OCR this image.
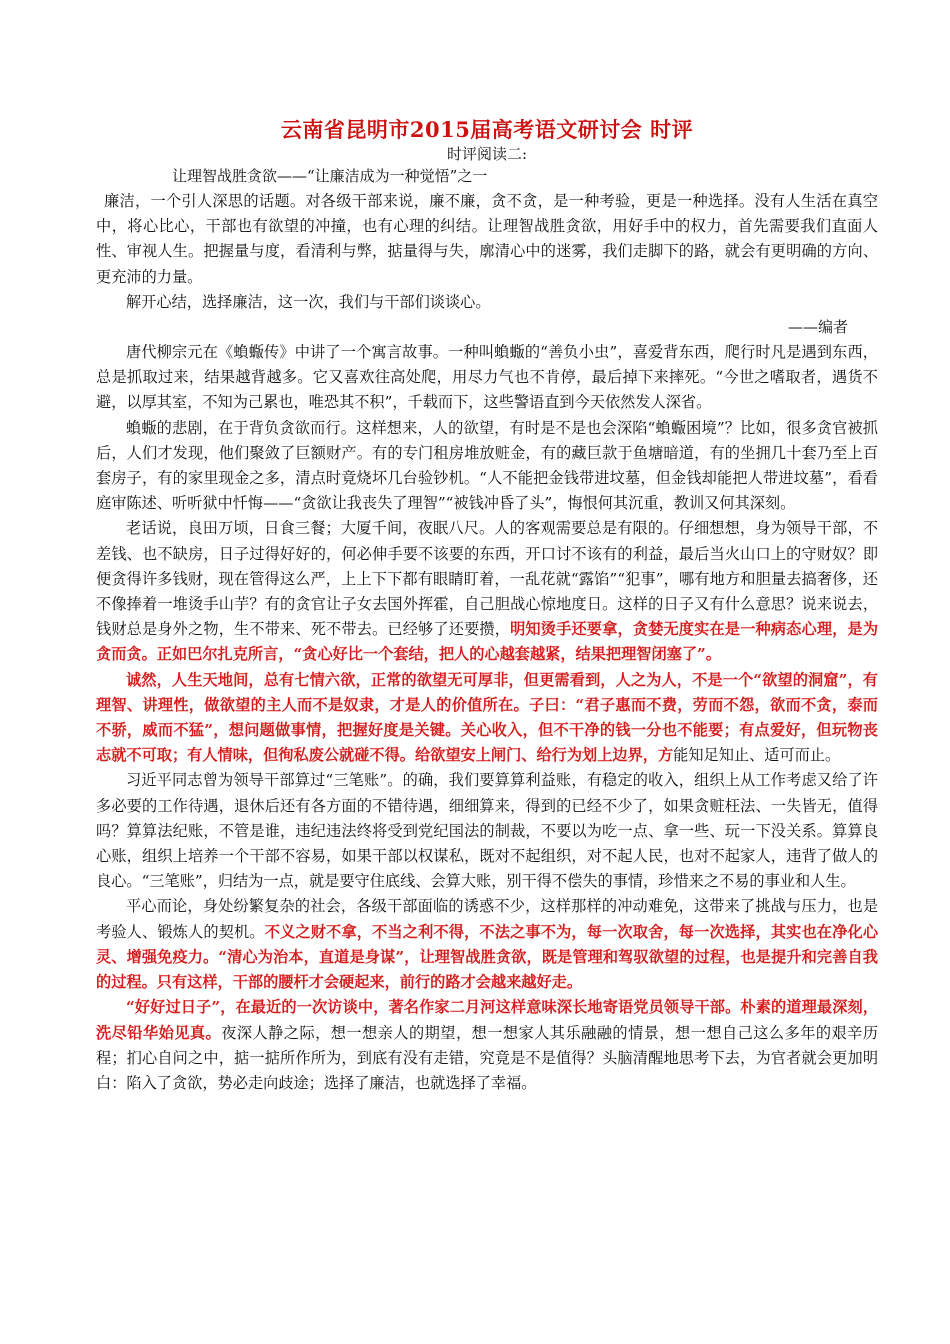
云南省昆明市2015届高考语文研讨会 时评
时评阅读二:
让理智战胜贪欲——“让廉洁成为一种觉悟”之一

廉洁，一个引人深思的话题。对各级干部来说，廉不廉，贪不贪，是一种考验，更是一种选择。没有人生活在真空中，将心比心，干部也有欲望的冲撞，也有心理的纠结。让理智战胜贪欲，用好手中的权力，首先需要我们直面人性、审视人生。把握量与度，看清利与弊，掂量得与失，廓清心中的迷雾，我们走脚下的路，就会有更明确的方向、更充沛的力量。

解开心结，选择廉洁，这一次，我们与干部们谈谈心。

——编者

唐代柳宗元在《蝜蝂传》中讲了一个寓言故事。一种叫蝜蝂的“善负小虫”，喜爱背东西，爬行时凡是遇到东西，总是抓取过来，结果越背越多。它又喜欢往高处爬，用尽力气也不肯停，最后掉下来摔死。“今世之嗜取者，遇货不避，以厚其室，不知为己累也，唯恐其不积”，千载而下，这些警语直到今天依然发人深省。

蝜蝂的悲剧，在于背负贪欲而行。这样想来，人的欲望，有时是不是也会深陷“蝜蝂困境”？比如，很多贪官被抓后，人们才发现，他们聚敛了巨额财产。有的专门租房堆放赃金，有的藏巨款于鱼塘暗道，有的坐拥几十套乃至上百套房子，有的家里现金之多，清点时竟烧坏几台验钞机。“人不能把金钱带进坟墓，但金钱却能把人带进坟墓”，看看庭审陈述、听听狱中忏悔——“贪欲让我丧失了理智”“被钱冲昏了头”，悔恨何其沉重，教训又何其深刻。

老话说，良田万顷，日食三餐；大厦千间，夜眠八尺。人的客观需要总是有限的。仔细想想，身为领导干部，不差钱、也不缺房，日子过得好好的，何必伸手要不该要的东西，开口讨不该有的利益，最后当火山口上的守财奴？即便贪得许多钱财，现在管得这么严，上上下下都有眼睛盯着，一乱花就“露馅”“犯事”，哪有地方和胆量去搞奢侈，还不像捧着一堆烫手山芋？有的贪官让子女去国外挥霍，自己胆战心惊地度日。这样的日子又有什么意思？说来说去，钱财总是身外之物，生不带来、死不带去。已经够了还要攒，明知烫手还要拿，贪婪无度实在是一种病态心理，是为贪而贪。正如巴尔扎克所言，“贪心好比一个套结，把人的心越套越紧，结果把理智闭塞了”。

诚然，人生天地间，总有七情六欲，正常的欲望无可厚非，但更需看到，人之为人，不是一个“欲望的洞窟”，有理智、讲理性，做欲望的主人而不是奴隶，才是人的价值所在。子曰：“君子惠而不费，劳而不怨，欲而不贪，泰而不骄，威而不猛”，想问题做事情，把握好度是关键。关心收入，但不干净的钱一分也不能要；有点爱好，但玩物丧志就不可取；有人情味，但徇私废公就碰不得。给欲望安上闸门、给行为划上边界，方能知足知止、适可而止。

习近平同志曾为领导干部算过“三笔账”。的确，我们要算算利益账，有稳定的收入，组织上从工作考虑又给了许多必要的工作待遇，退休后还有各方面的不错待遇，细细算来，得到的已经不少了，如果贪赃枉法、一失皆无，值得吗？算算法纪账，不管是谁，违纪违法终将受到党纪国法的制裁，不要以为吃一点、拿一些、玩一下没关系。算算良心账，组织上培养一个干部不容易，如果干部以权谋私，既对不起组织，对不起人民，也对不起家人，违背了做人的良心。“三笔账”，归结为一点，就是要守住底线、会算大账，别干得不偿失的事情，珍惜来之不易的事业和人生。

平心而论，身处纷繁复杂的社会，各级干部面临的诱惑不少，这样那样的冲动难免，这带来了挑战与压力，也是考验人、锻炼人的契机。不义之财不拿，不当之利不得，不法之事不为，每一次取舍，每一次选择，其实也在净化心灵、增强免疫力。“清心为治本，直道是身谋”，让理智战胜贪欲，既是管理和驾驭欲望的过程，也是提升和完善自我的过程。只有这样，干部的腰杆才会硬起来，前行的路才会越来越好走。

“好好过日子”，在最近的一次访谈中，著名作家二月河这样意味深长地寄语党员领导干部。朴素的道理最深刻，洗尽铅华始见真。夜深人静之际，想一想亲人的期望，想一想家人其乐融融的情景，想一想自己这么多年的艰辛历程；扪心自问之中，掂一掂所作所为，到底有没有走错，究竟是不是值得？头脑清醒地思考下去，为官者就会更加明白：陷入了贪欲，势必走向歧途；选择了廉洁，也就选择了幸福。
